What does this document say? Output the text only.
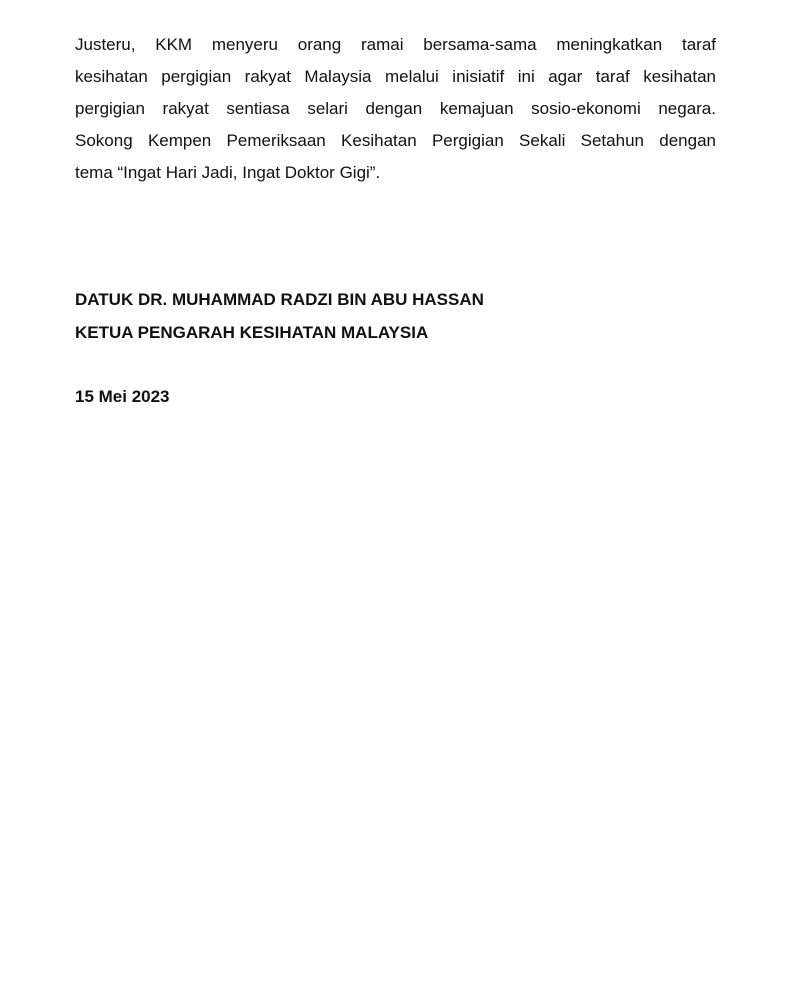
Justeru, KKM menyeru orang ramai bersama-sama meningkatkan taraf
kesihatan pergigian rakyat Malaysia melalui inisiatif ini agar taraf kesihatan
pergigian rakyat sentiasa selari dengan kemajuan sosio-ekonomi negara.
Sokong Kempen Pemeriksaan Kesihatan Pergigian Sekali Setahun dengan
tema “Ingat Hari Jadi, Ingat Doktor Gigi”.
DATUK DR. MUHAMMAD RADZI BIN ABU HASSAN
KETUA PENGARAH KESIHATAN MALAYSIA
15 Mei 2023
